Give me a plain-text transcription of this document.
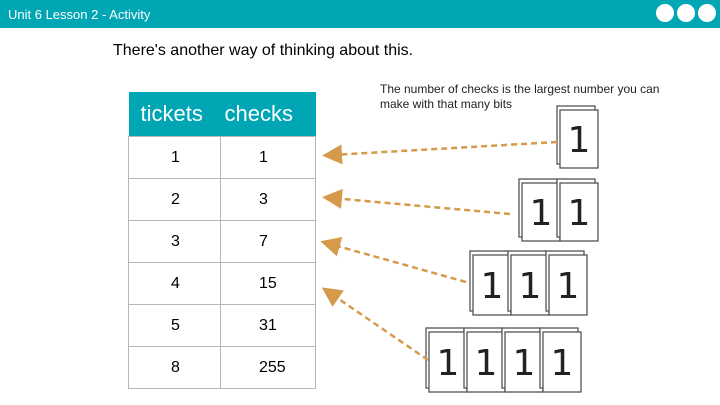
Unit 6 Lesson 2 - Activity
There's another way of thinking about this.
tickets	checks
1	1
2	3
3	7
4	15
5	31
8	255
The number of checks is the largest number you can make with that many bits
1
1 1
1 1 1
1 1 1 1
